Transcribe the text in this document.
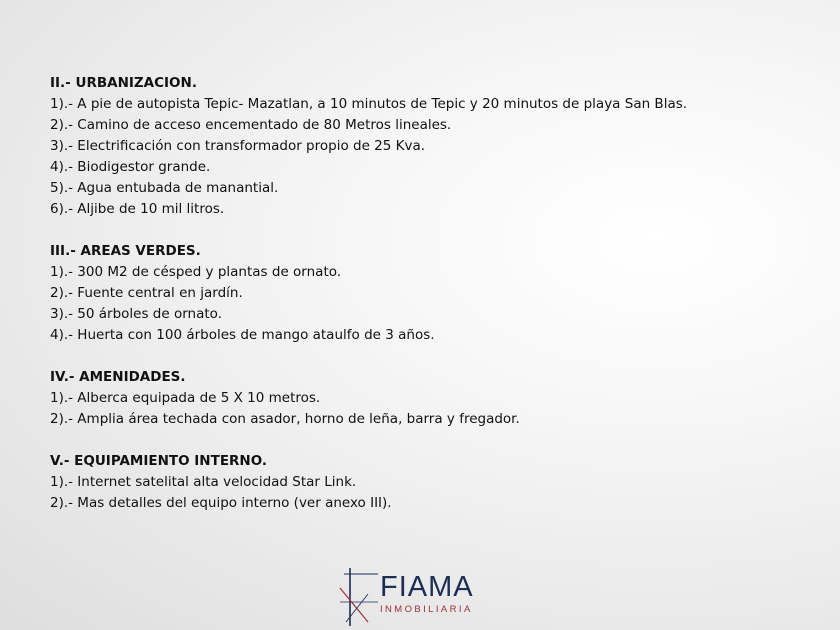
II.- URBANIZACION.
1).- A pie de autopista Tepic- Mazatlan, a 10 minutos de Tepic y 20 minutos de playa San Blas.
2).- Camino de acceso encementado de 80 Metros lineales.
3).- Electrificación con transformador propio de 25 Kva.
4).- Biodigestor grande.
5).- Agua entubada de manantial.
6).- Aljibe de 10 mil litros.
III.- AREAS VERDES.
1).- 300 M2 de césped y plantas de ornato.
2).- Fuente central en jardín.
3).- 50 árboles de ornato.
4).- Huerta con 100 árboles de mango ataulfo de 3 años.
IV.- AMENIDADES.
1).- Alberca equipada de 5 X 10 metros.
2).- Amplia área techada con asador, horno de leña, barra y fregador.
V.- EQUIPAMIENTO INTERNO.
1).- Internet satelital alta velocidad Star Link.
2).- Mas detalles del equipo interno (ver anexo III).
FIAMA
INMOBILIARIA
